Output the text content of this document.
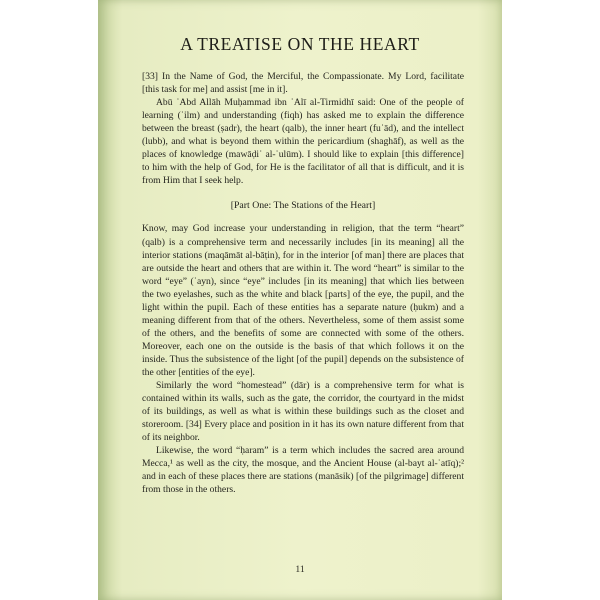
A TREATISE ON THE HEART

[33] In the Name of God, the Merciful, the Compassionate. My Lord, facilitate [this task for me] and assist [me in it].

Abū ʿAbd Allāh Muḥammad ibn ʿAlī al-Tirmidhī said: One of the people of learning (ʿilm) and understanding (fiqh) has asked me to explain the difference between the breast (ṣadr), the heart (qalb), the inner heart (fuʾād), and the intellect (lubb), and what is beyond them within the pericardium (shaghāf), as well as the places of knowledge (mawāḍiʿ al-ʿulūm). I should like to explain [this difference] to him with the help of God, for He is the facilitator of all that is difficult, and it is from Him that I seek help.

[Part One: The Stations of the Heart]

Know, may God increase your understanding in religion, that the term “heart” (qalb) is a comprehensive term and necessarily includes [in its meaning] all the interior stations (maqāmāt al-bāṭin), for in the interior [of man] there are places that are outside the heart and others that are within it. The word “heart” is similar to the word “eye” (ʿayn), since “eye” includes [in its meaning] that which lies between the two eyelashes, such as the white and black [parts] of the eye, the pupil, and the light within the pupil. Each of these entities has a separate nature (ḥukm) and a meaning different from that of the others. Nevertheless, some of them assist some of the others, and the benefits of some are connected with some of the others. Moreover, each one on the outside is the basis of that which follows it on the inside. Thus the subsistence of the light [of the pupil] depends on the subsistence of the other [entities of the eye].

Similarly the word “homestead” (dār) is a comprehensive term for what is contained within its walls, such as the gate, the corridor, the courtyard in the midst of its buildings, as well as what is within these buildings such as the closet and storeroom. [34] Every place and position in it has its own nature different from that of its neighbor.

Likewise, the word “ḥaram” is a term which includes the sacred area around Mecca,¹ as well as the city, the mosque, and the Ancient House (al-bayt al-ʿatīq);² and in each of these places there are stations (manāsik) [of the pilgrimage] different from those in the others.

11
